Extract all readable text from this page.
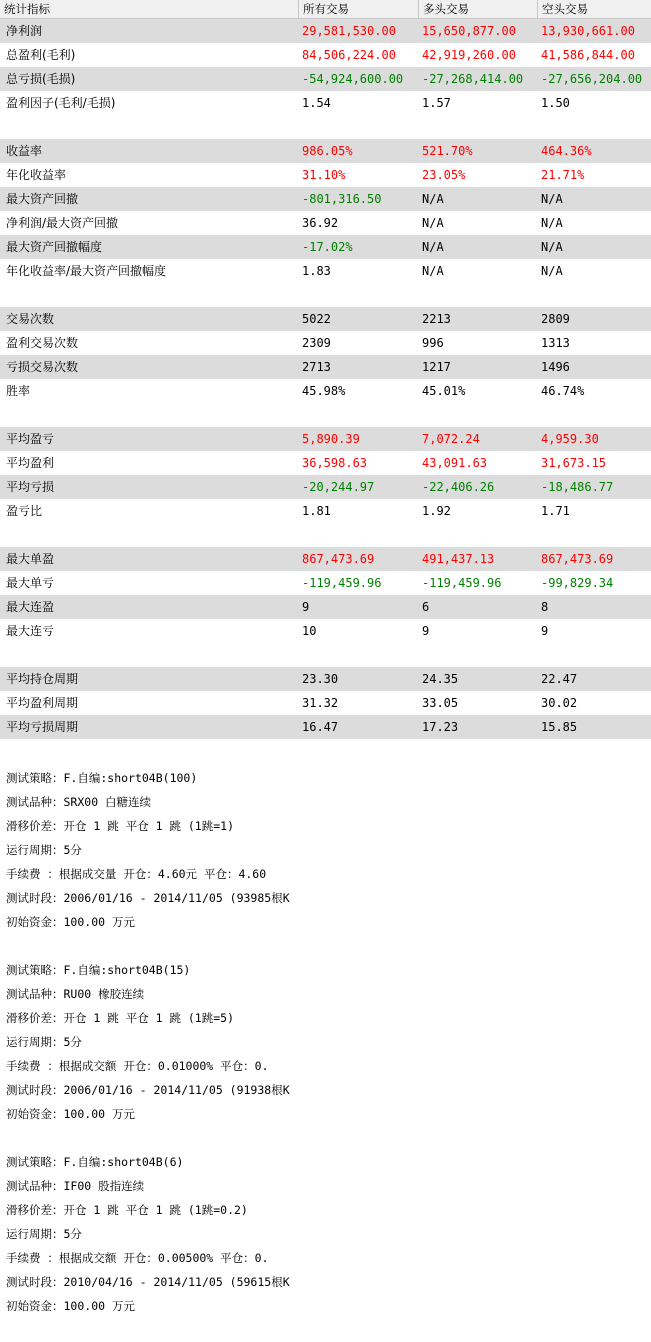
统计指标	所有交易	多头交易	空头交易
净利润	29,581,530.00	15,650,877.00	13,930,661.00
总盈利(毛利)	84,506,224.00	42,919,260.00	41,586,844.00
总亏损(毛损)	-54,924,600.00	-27,268,414.00	-27,656,204.00
盈利因子(毛利/毛损)	1.54	1.57	1.50
收益率	986.05%	521.70%	464.36%
年化收益率	31.10%	23.05%	21.71%
最大资产回撤	-801,316.50	N/A	N/A
净利润/最大资产回撤	36.92	N/A	N/A
最大资产回撤幅度	-17.02%	N/A	N/A
年化收益率/最大资产回撤幅度	1.83	N/A	N/A
交易次数	5022	2213	2809
盈利交易次数	2309	996	1313
亏损交易次数	2713	1217	1496
胜率	45.98%	45.01%	46.74%
平均盈亏	5,890.39	7,072.24	4,959.30
平均盈利	36,598.63	43,091.63	31,673.15
平均亏损	-20,244.97	-22,406.26	-18,486.77
盈亏比	1.81	1.92	1.71
最大单盈	867,473.69	491,437.13	867,473.69
最大单亏	-119,459.96	-119,459.96	-99,829.34
最大连盈	9	6	8
最大连亏	10	9	9
平均持仓周期	23.30	24.35	22.47
平均盈利周期	31.32	33.05	30.02
平均亏损周期	16.47	17.23	15.85
测试策略：F.自编:short04B(100)
测试品种：SRX00 白糖连续
滑移价差：开仓 1 跳 平仓 1 跳 (1跳=1)
运行周期：5分
手续费 ：根据成交量 开仓：4.60元 平仓：4.60
测试时段：2006/01/16 - 2014/11/05 (93985根K
初始资金：100.00 万元
测试策略：F.自编:short04B(15)
测试品种：RU00 橡胶连续
滑移价差：开仓 1 跳 平仓 1 跳 (1跳=5)
运行周期：5分
手续费 ：根据成交额 开仓：0.01000% 平仓：0.
测试时段：2006/01/16 - 2014/11/05 (91938根K
初始资金：100.00 万元
测试策略：F.自编:short04B(6)
测试品种：IF00 股指连续
滑移价差：开仓 1 跳 平仓 1 跳 (1跳=0.2)
运行周期：5分
手续费 ：根据成交额 开仓：0.00500% 平仓：0.
测试时段：2010/04/16 - 2014/11/05 (59615根K
初始资金：100.00 万元
